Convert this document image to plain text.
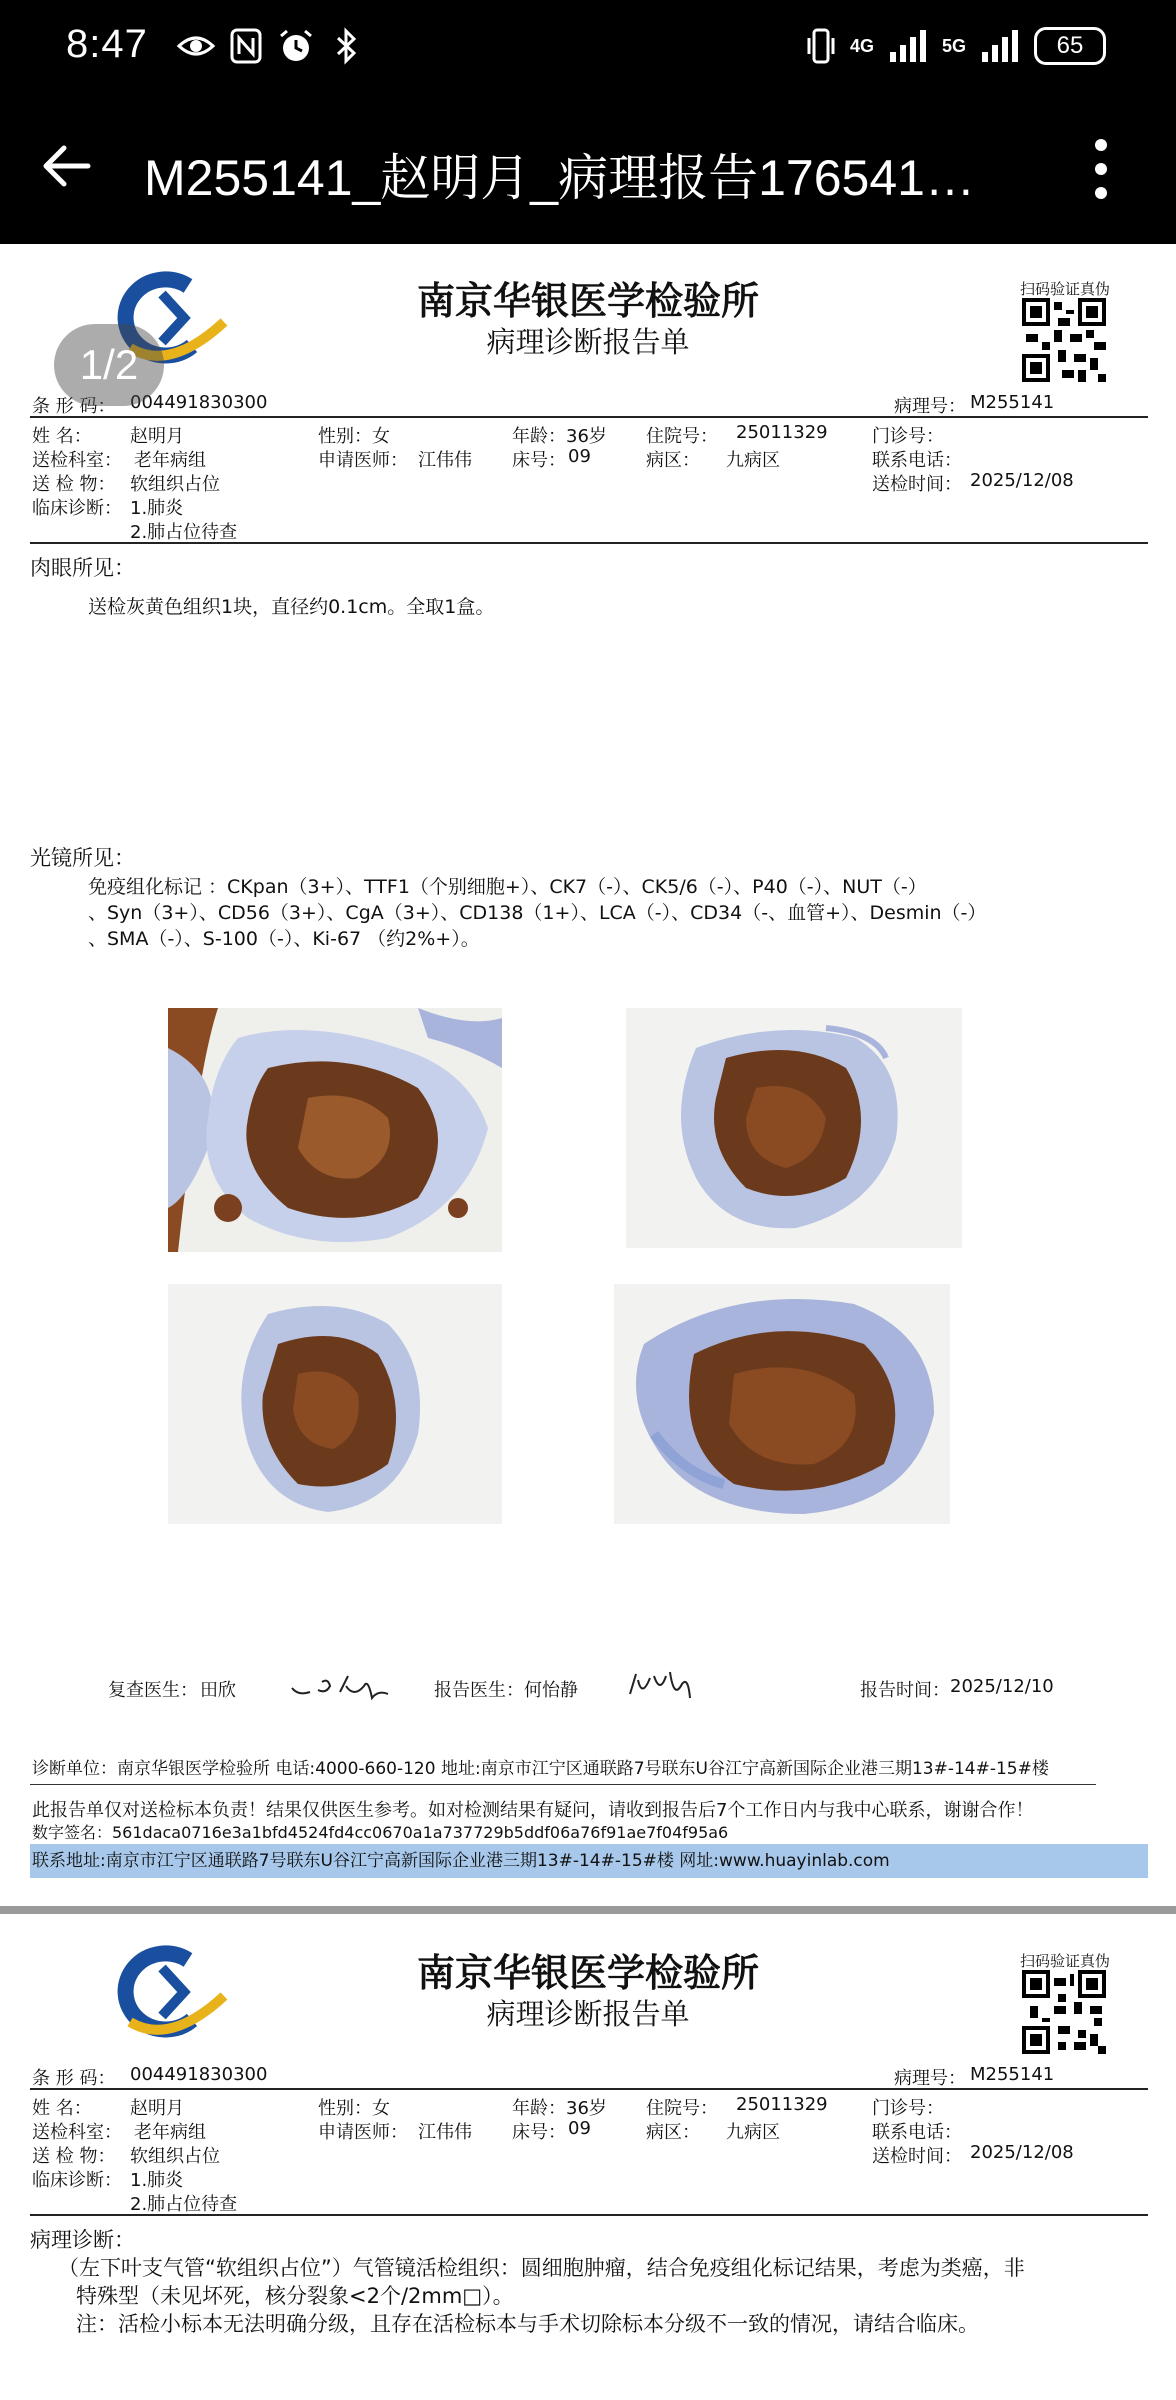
8:47	4G	5G	65
M255141_赵明月_病理报告176541…
南京华银医学检验所
病理诊断报告单
扫码验证真伪
条 形 码： 004491830300	病理号： M255141
姓 名： 赵明月	性别： 女	年龄： 36岁 住院号： 25011329 门诊号：
送检科室： 老年病组	申请医师： 江伟伟 床号： 09	病区： 九病区	联系电话：
送 检 物： 软组织占位	送检时间： 2025/12/08
临床诊断： 1.肺炎
2.肺占位待查
肉眼所见：
送检灰黄色组织1块，直径约0.1cm。全取1盒。
光镜所见：
免疫组化标记 ：CKpan（3+）、TTF1（个别细胞+）、CK7（-）、CK5/6（-）、P40（-）、NUT（-）
、Syn（3+）、CD56（3+）、CgA（3+）、CD138（1+）、LCA（-）、CD34（-、血管+）、Desmin（-）
、SMA（-）、S-100（-）、Ki-67 （约2%+）。
复查医生： 田欣	报告医生： 何怡静	报告时间： 2025/12/10
诊断单位：南京华银医学检验所 电话:4000-660-120 地址:南京市江宁区通联路7号联东U谷江宁高新国际企业港三期13#-14#-15#楼
此报告单仅对送检标本负责！结果仅供医生参考。如对检测结果有疑问，请收到报告后7个工作日内与我中心联系，谢谢合作！
数字签名：561daca0716e3a1bfd4524fd4cc0670a1a737729b5ddf06a76f91ae7f04f95a6
联系地址:南京市江宁区通联路7号联东U谷江宁高新国际企业港三期13#-14#-15#楼 网址:www.huayinlab.com
南京华银医学检验所
病理诊断报告单
扫码验证真伪
条 形 码： 004491830300	病理号： M255141
姓 名： 赵明月	性别： 女	年龄： 36岁 住院号： 25011329 门诊号：
送检科室： 老年病组	申请医师： 江伟伟 床号： 09	病区： 九病区	联系电话：
送 检 物： 软组织占位	送检时间： 2025/12/08
临床诊断： 1.肺炎
2.肺占位待查
病理诊断：
（左下叶支气管“软组织占位”）气管镜活检组织：圆细胞肿瘤，结合免疫组化标记结果，考虑为类癌，非
特殊型（未见坏死，核分裂象<2个/2mm□）。
注：活检小标本无法明确分级，且存在活检标本与手术切除标本分级不一致的情况，请结合临床。
1/2
